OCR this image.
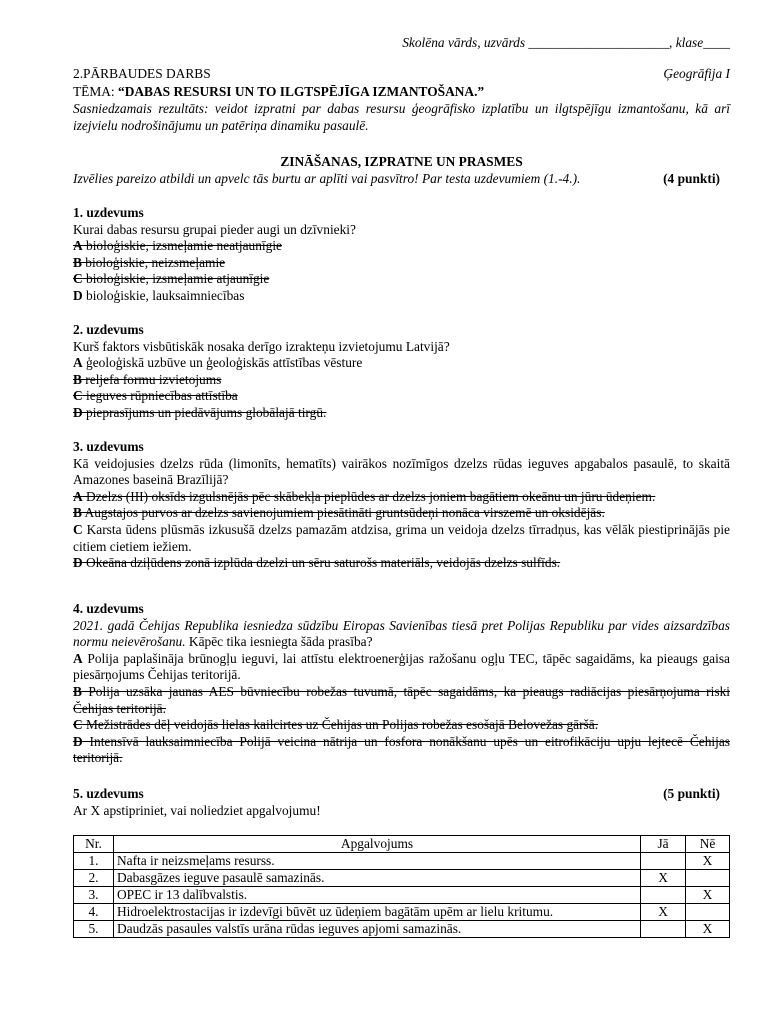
Skolēna vārds, uzvārds _____________________, klase____
2.PĀRBAUDES DARBS	Ģeogrāfija I
TĒMA: “DABAS RESURSI UN TO ILGTSPĒJĪGA IZMANTOŠANA.”
Sasniedzamais rezultāts: veidot izpratni par dabas resursu ģeogrāfisko izplatību un ilgtspējīgu izmantošanu, kā arī izejvielu nodrošinājumu un patēriņa dinamiku pasaulē.
ZINĀŠANAS, IZPRATNE UN PRASMES
Izvēlies pareizo atbildi un apvelc tās burtu ar aplīti vai pasvītro! Par testa uzdevumiem (1.-4.).	(4 punkti)
1. uzdevums
Kurai dabas resursu grupai pieder augi un dzīvnieki?
A bioloģiskie, izsmeļamie neatjaunīgie
B bioloģiskie, neizsmeļamie
C bioloģiskie, izsmeļamie atjaunīgie
D bioloģiskie, lauksaimniecības
2. uzdevums
Kurš faktors visbūtiskāk nosaka derīgo izrakteņu izvietojumu Latvijā?
A ģeoloģiskā uzbūve un ģeoloģiskās attīstības vēsture
B reljefa formu izvietojums
C ieguves rūpniecības attīstība
D pieprasījums un piedāvājums globālajā tirgū.
3. uzdevums
Kā veidojusies dzelzs rūda (limonīts, hematīts) vairākos nozīmīgos dzelzs rūdas ieguves apgabalos pasaulē, to skaitā Amazones baseinā Brazīlijā?
A Dzelzs (III) oksīds izgulsnējās pēc skābekļa pieplūdes ar dzelzs joniem bagātiem okeānu un jūru ūdeņiem.
B Augstajos purvos ar dzelzs savienojumiem piesātināti gruntsūdeņi nonāca virszemē un oksidējās.
C Karsta ūdens plūsmās izkusušā dzelzs pamazām atdzisa, grima un veidoja dzelzs tīrradņus, kas vēlāk piestiprinājās pie citiem cietiem iežiem.
D Okeāna dziļūdens zonā izplūda dzelzi un sēru saturošs materiāls, veidojās dzelzs sulfīds.
4. uzdevums
2021. gadā Čehijas Republika iesniedza sūdzību Eiropas Savienības tiesā pret Polijas Republiku par vides aizsardzības normu neievērošanu. Kāpēc tika iesniegta šāda prasība?
A Polija paplašināja brūnogļu ieguvi, lai attīstu elektroenerģijas ražošanu ogļu TEC, tāpēc sagaidāms, ka pieaugs gaisa piesārņojums Čehijas teritorijā.
B Polija uzsāka jaunas AES būvniecību robežas tuvumā, tāpēc sagaidāms, ka pieaugs radiācijas piesārņojuma riski Čehijas teritorijā.
C Mežistrādes dēļ veidojās lielas kailcirtes uz Čehijas un Polijas robežas esošajā Belovežas gāršā.
D Intensīvā lauksaimniecība Polijā veicina nātrija un fosfora nonākšanu upēs un eitrofikāciju upju lejtecē Čehijas teritorijā.
5. uzdevums	(5 punkti)
Ar X apstipriniet, vai noliedziet apgalvojumu!
Nr.	Apgalvojums	Jā	Nē
1.	Nafta ir neizsmeļams resurss.		X
2.	Dabasgāzes ieguve pasaulē samazinās.	X	
3.	OPEC ir 13 dalībvalstis.		X
4.	Hidroelektrostacijas ir izdevīgi būvēt uz ūdeņiem bagātām upēm ar lielu kritumu.	X	
5.	Daudzās pasaules valstīs urāna rūdas ieguves apjomi samazinās.		X
